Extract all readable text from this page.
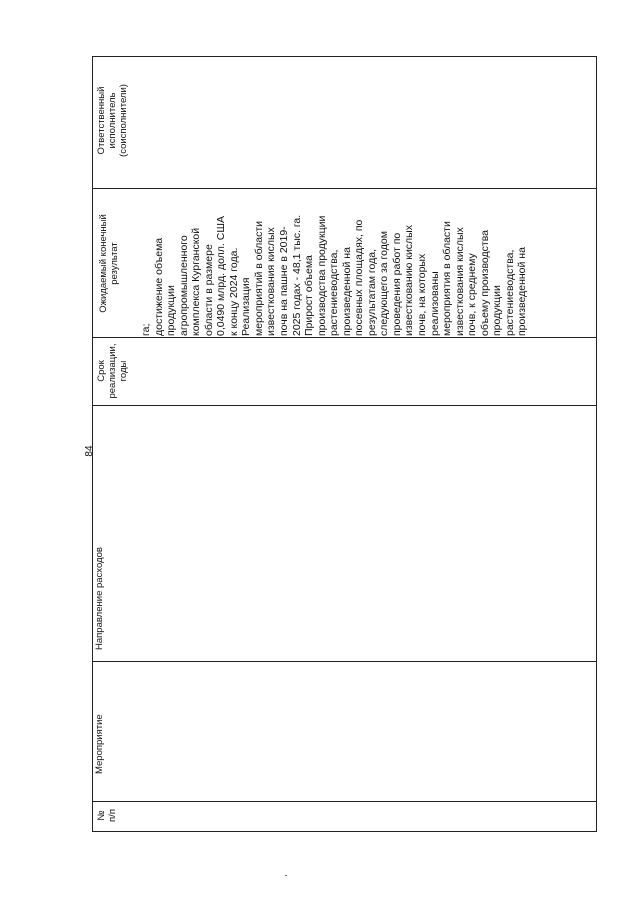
84
Ответственный исполнитель (соисполнители)
Ожидаемый конечный результат
Срок реализации, годы
Направление расходов
Мероприятие
№ п/п
га; достижение объема продукции агропромышленного комплекса Курганской области в размере 0,0490 млрд. долл. США к концу 2024 года. Реализация мероприятий в области известкования кислых почв на пашне в 2019- 2025 годах - 48,1 тыс. га. Прирост объема производства продукции растениеводства, произведенной на посевных площадях, по результатам года, следующего за годом проведения работ по известкованию кислых почв, на которых реализованы мероприятия в области известкования кислых почв, к среднему объему производства продукции растениеводства, произведенной на
